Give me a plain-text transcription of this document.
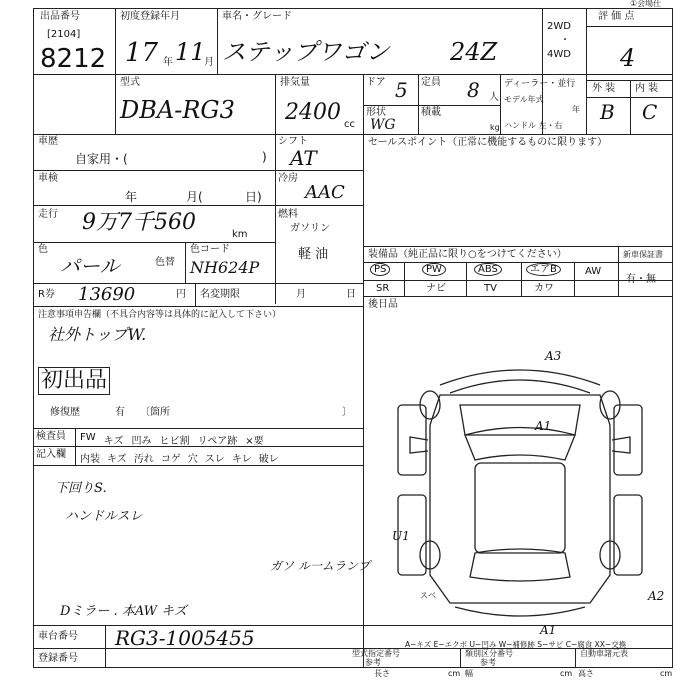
①会場仕
出品番号
[2104]
8212
初度登録年月
17 年 11
月
車名・グレード
ステップワゴン	24Z
2WD
・
4WD
評 価 点
4
型式
DBA-RG3
排気量
2400 cc
ドア 5
形状
WG
定員 8 人
積載
kg
ディーラー・並行
モデル年式
年
ハンドル 左・右
外 装 内 装
B C
車歴
自家用・(	)
シフト
AT
車検
年	月(	日)
冷房
AAC
走行 9万7千560	km
燃料
ガソリン
軽 油
色
パール	色替
色コード
NH624P
R券 13690	円 名変期限	月	日
注意事項申告欄（不具合内容等は具体的に記入して下さい）
社外トップW.
初出品
修復歴	有 〔箇所	〕
検査員
記入欄
FW キズ 凹み ヒビ割 リペア跡 ×要
内装 キズ 汚れ コゲ 穴 スレ キレ 破レ
下回りS.
ハンドルスレ
ガソ ル一ムランプ
Dミラー . 本AW キズ
セールスポイント（正常に機能するものに限ります）
装備品（純正品に限り○をつけてください）	新車保証書
PS	PW	ABS	エアB	AW
SR	ナビ	TV	カワ
有・無
後日品
A3
A1
U1
スベ	A2
A1
A−キズ E−エクボ U−凹み W−補修跡 S−サビ C−腐食 XX−交換
車台番号 RG3-1005455
登録番号	型式指定番号
参考
類別区分番号
参考
自動車諸元表
長さ	cm 幅	cm 高さ	cm
